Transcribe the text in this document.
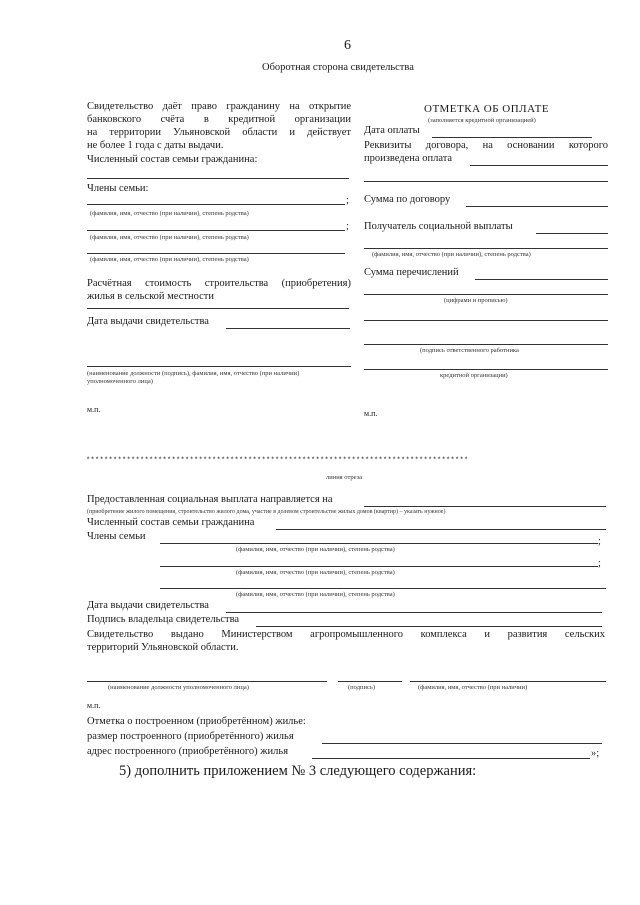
6
Оборотная сторона свидетельства
Свидетельство даёт право гражданину на открытие
банковского счёта в кредитной организации
на территории Ульяновской области и действует
не более 1 года с даты выдачи.
Численный состав семьи гражданина:
Члены семьи:
;
(фамилия, имя, отчество (при наличии), степень родства)
;
(фамилия, имя, отчество (при наличии), степень родства)
(фамилия, имя, отчество (при наличии), степень родства)
Расчётная стоимость строительства (приобретения)
жилья в сельской местности
Дата выдачи свидетельства
(наименование должности (подпись), фамилия, имя, отчество (при наличии)
уполномоченного лица)
м.п.
ОТМЕТКА ОБ ОПЛАТЕ
(заполняется кредитной организацией)
Дата оплаты
Реквизиты договора, на основании которого
произведена оплата
Сумма по договору
Получатель социальной выплаты
(фамилия, имя, отчество (при наличии), степень родства)
Сумма перечислений
(цифрами и прописью)
(подпись ответственного работника
кредитной организации)
м.п.
*************************************************************************************
линия отреза
Предоставленная социальная выплата направляется на
(приобретение жилого помещения, строительство жилого дома, участие в долевом строительстве жилых домов (квартир) – указать нужное)
Численный состав семьи гражданина
Члены семьи	;
(фамилия, имя, отчество (при наличии), степень родства)
;
(фамилия, имя, отчество (при наличии), степень родства)
(фамилия, имя, отчество (при наличии), степень родства)
Дата выдачи свидетельства
Подпись владельца свидетельства
Свидетельство выдано Министерством агропромышленного комплекса и развития сельских
территорий Ульяновской области.
(наименование должности уполномоченного лица)	(подпись)	(фамилия, имя, отчество (при наличии)
м.п.
Отметка о построенном (приобретённом) жилье:
размер построенного (приобретённого) жилья
адрес построенного (приобретённого) жилья	»;
5) дополнить приложением № 3 следующего содержания:
